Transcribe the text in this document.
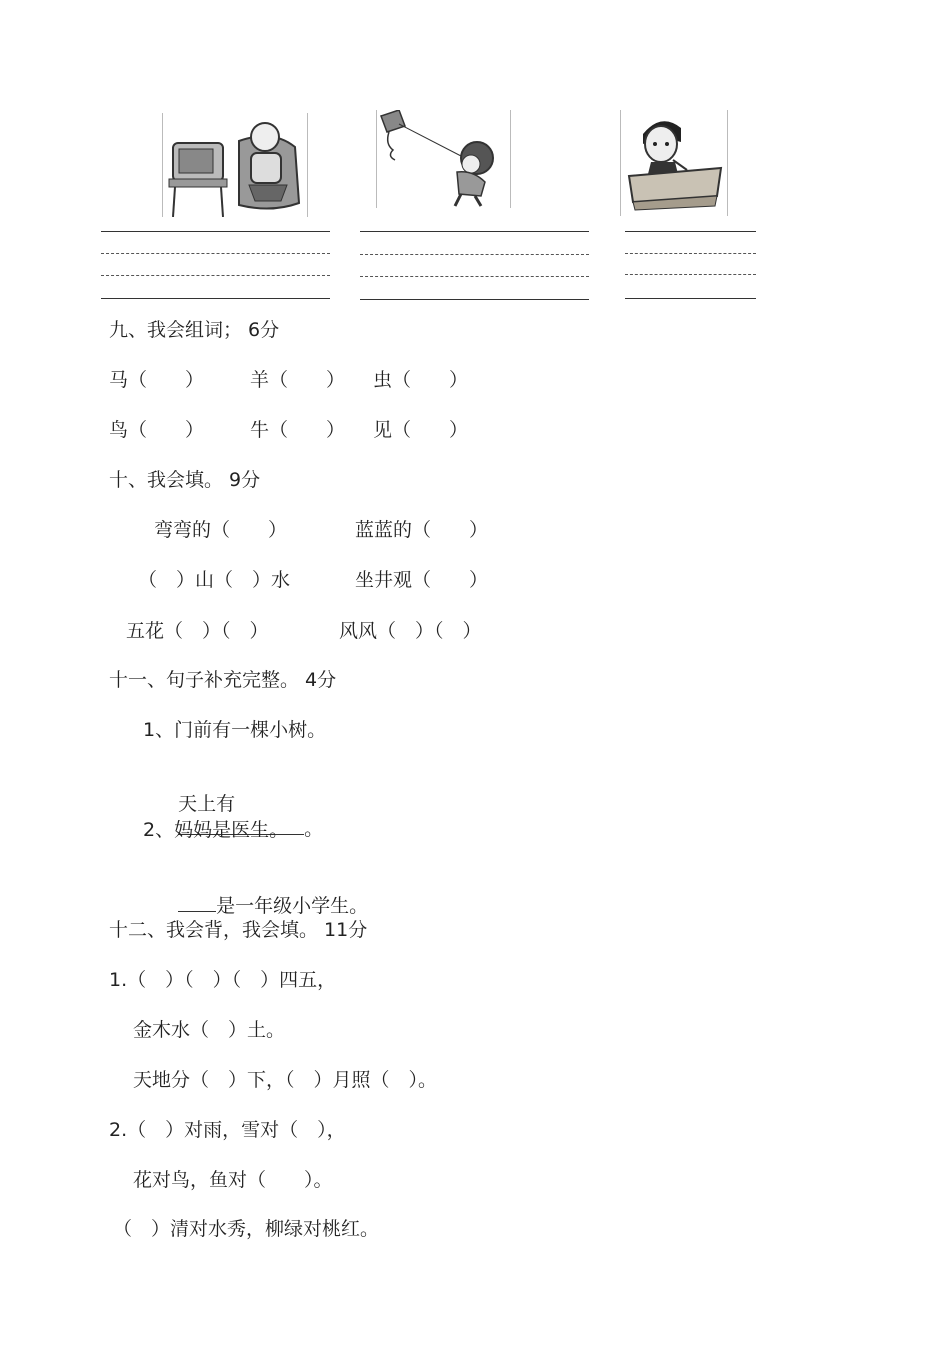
九、我会组词； 6分
马（　　） 羊（　　） 虫（　　）
鸟（　　） 牛（　　） 见（　　）
十、我会填。 9分
弯弯的（　　）	蓝蓝的（　　）
（　）山（　）水	坐井观（　　）
五花（　）（　）	风风（　）（　）
十一、句子补充完整。 4分
1、门前有一棵小树。

天上有
。

2、妈妈是医生。

是一年级小学生。

十二、我会背，我会填。 11分
1.（　）（　）（　）四五，
金木水（　）土。
天地分（　）下，（　）月照（　）。
2.（　）对雨，雪对（　），
花对鸟，鱼对（　　）。
（　）清对水秀，柳绿对桃红。
